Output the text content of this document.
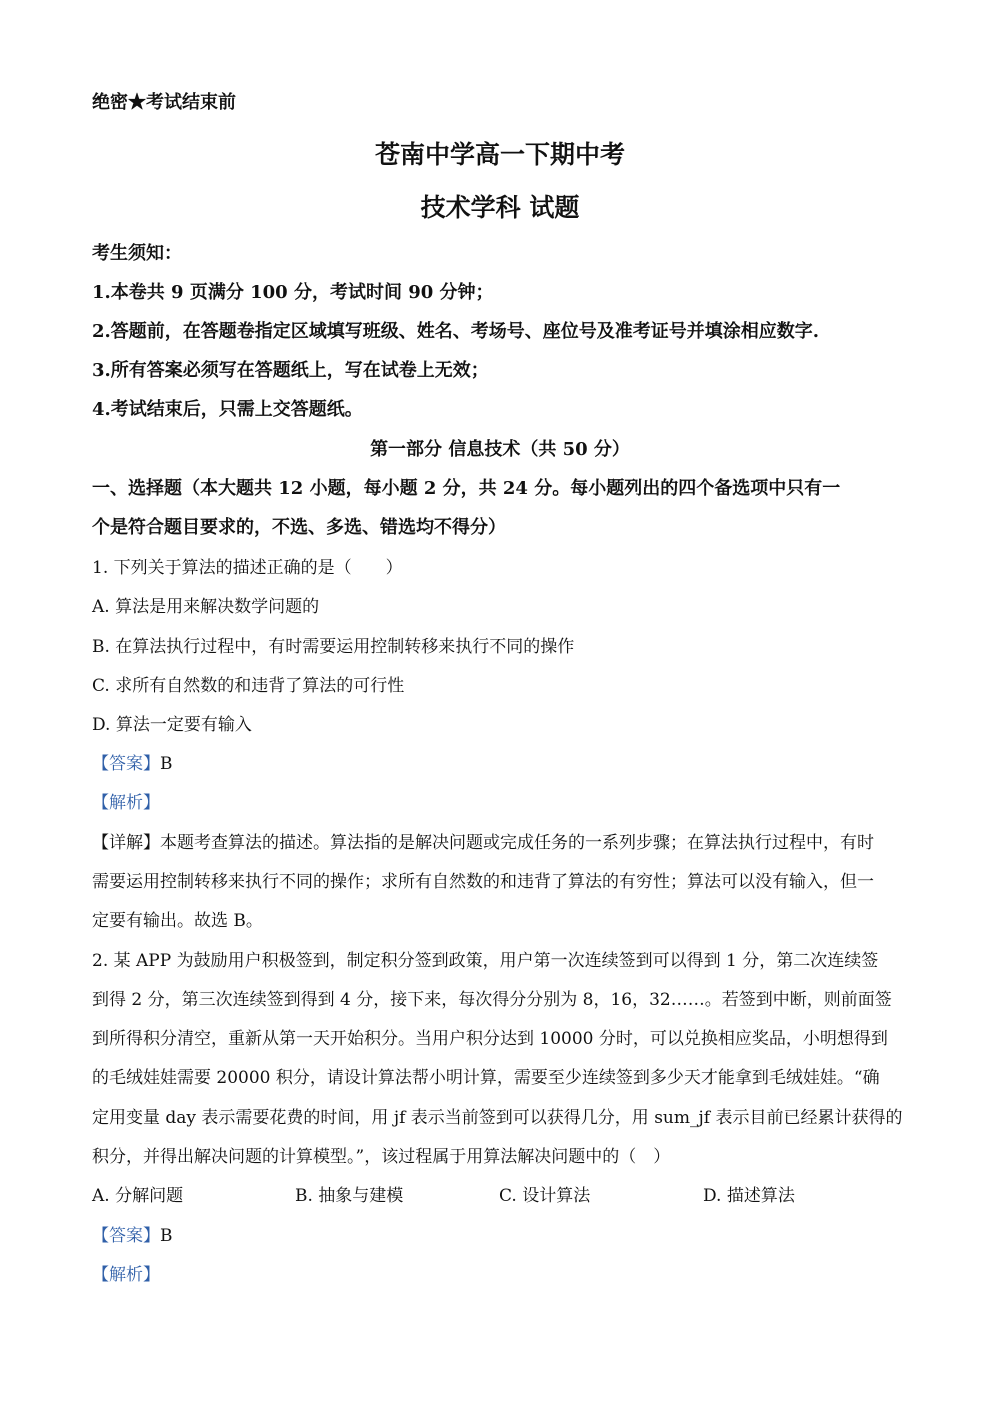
绝密★考试结束前
苍南中学高一下期中考
技术学科 试题
考生须知：
1.本卷共 9 页满分 100 分，考试时间 90 分钟；
2.答题前，在答题卷指定区域填写班级、姓名、考场号、座位号及准考证号并填涂相应数字.
3.所有答案必须写在答题纸上，写在试卷上无效；
4.考试结束后，只需上交答题纸。
第一部分 信息技术（共 50 分）
一、选择题（本大题共 12 小题，每小题 2 分，共 24 分。每小题列出的四个备选项中只有一
个是符合题目要求的，不选、多选、错选均不得分）
1. 下列关于算法的描述正确的是（　　）
A. 算法是用来解决数学问题的
B. 在算法执行过程中，有时需要运用控制转移来执行不同的操作
C. 求所有自然数的和违背了算法的可行性
D. 算法一定要有输入
【答案】B
【解析】
【详解】本题考查算法的描述。算法指的是解决问题或完成任务的一系列步骤；在算法执行过程中，有时
需要运用控制转移来执行不同的操作；求所有自然数的和违背了算法的有穷性；算法可以没有输入，但一
定要有输出。故选 B。
2. 某 APP 为鼓励用户积极签到，制定积分签到政策，用户第一次连续签到可以得到 1 分，第二次连续签
到得 2 分，第三次连续签到得到 4 分，接下来，每次得分分别为 8，16，32……。若签到中断，则前面签
到所得积分清空，重新从第一天开始积分。当用户积分达到 10000 分时，可以兑换相应奖品，小明想得到
的毛绒娃娃需要 20000 积分，请设计算法帮小明计算，需要至少连续签到多少天才能拿到毛绒娃娃。“确
定用变量 day 表示需要花费的时间，用 jf 表示当前签到可以获得几分，用 sum_jf 表示目前已经累计获得的
积分，并得出解决问题的计算模型。”，该过程属于用算法解决问题中的（　）
A. 分解问题	B. 抽象与建模	C. 设计算法	D. 描述算法
【答案】B
【解析】
